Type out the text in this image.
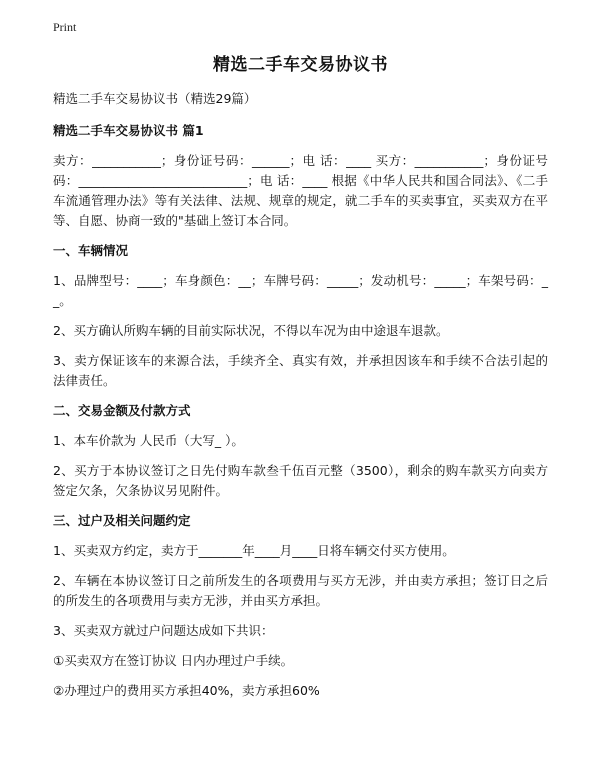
Print
精选二手车交易协议书
精选二手车交易协议书（精选29篇）
精选二手车交易协议书 篇1
卖方：___________；身份证号码：______；电 话：____ 买方：___________；身份证号码：___________________________；电 话：____ 根据《中华人民共和国合同法》、《二手车流通管理办法》等有关法律、法规、规章的规定，就二手车的买卖事宜，买卖双方在平等、自愿、协商一致的"基础上签订本合同。
一、车辆情况
1、品牌型号：____；车身颜色：__；车牌号码：_____；发动机号：_____；车架号码：__。
2、买方确认所购车辆的目前实际状况，不得以车况为由中途退车退款。
3、卖方保证该车的来源合法，手续齐全、真实有效，并承担因该车和手续不合法引起的法律责任。
二、交易金额及付款方式
1、本车价款为 人民币（大写_ ）。
2、买方于本协议签订之日先付购车款叁千伍百元整（3500），剩余的购车款买方向卖方签定欠条，欠条协议另见附件。
三、过户及相关问题约定
1、买卖双方约定，卖方于_______年____月____日将车辆交付买方使用。
2、车辆在本协议签订日之前所发生的各项费用与买方无涉，并由卖方承担；签订日之后的所发生的各项费用与卖方无涉，并由买方承担。
3、买卖双方就过户问题达成如下共识：
①买卖双方在签订协议 日内办理过户手续。
②办理过户的费用买方承担40%，卖方承担60%
